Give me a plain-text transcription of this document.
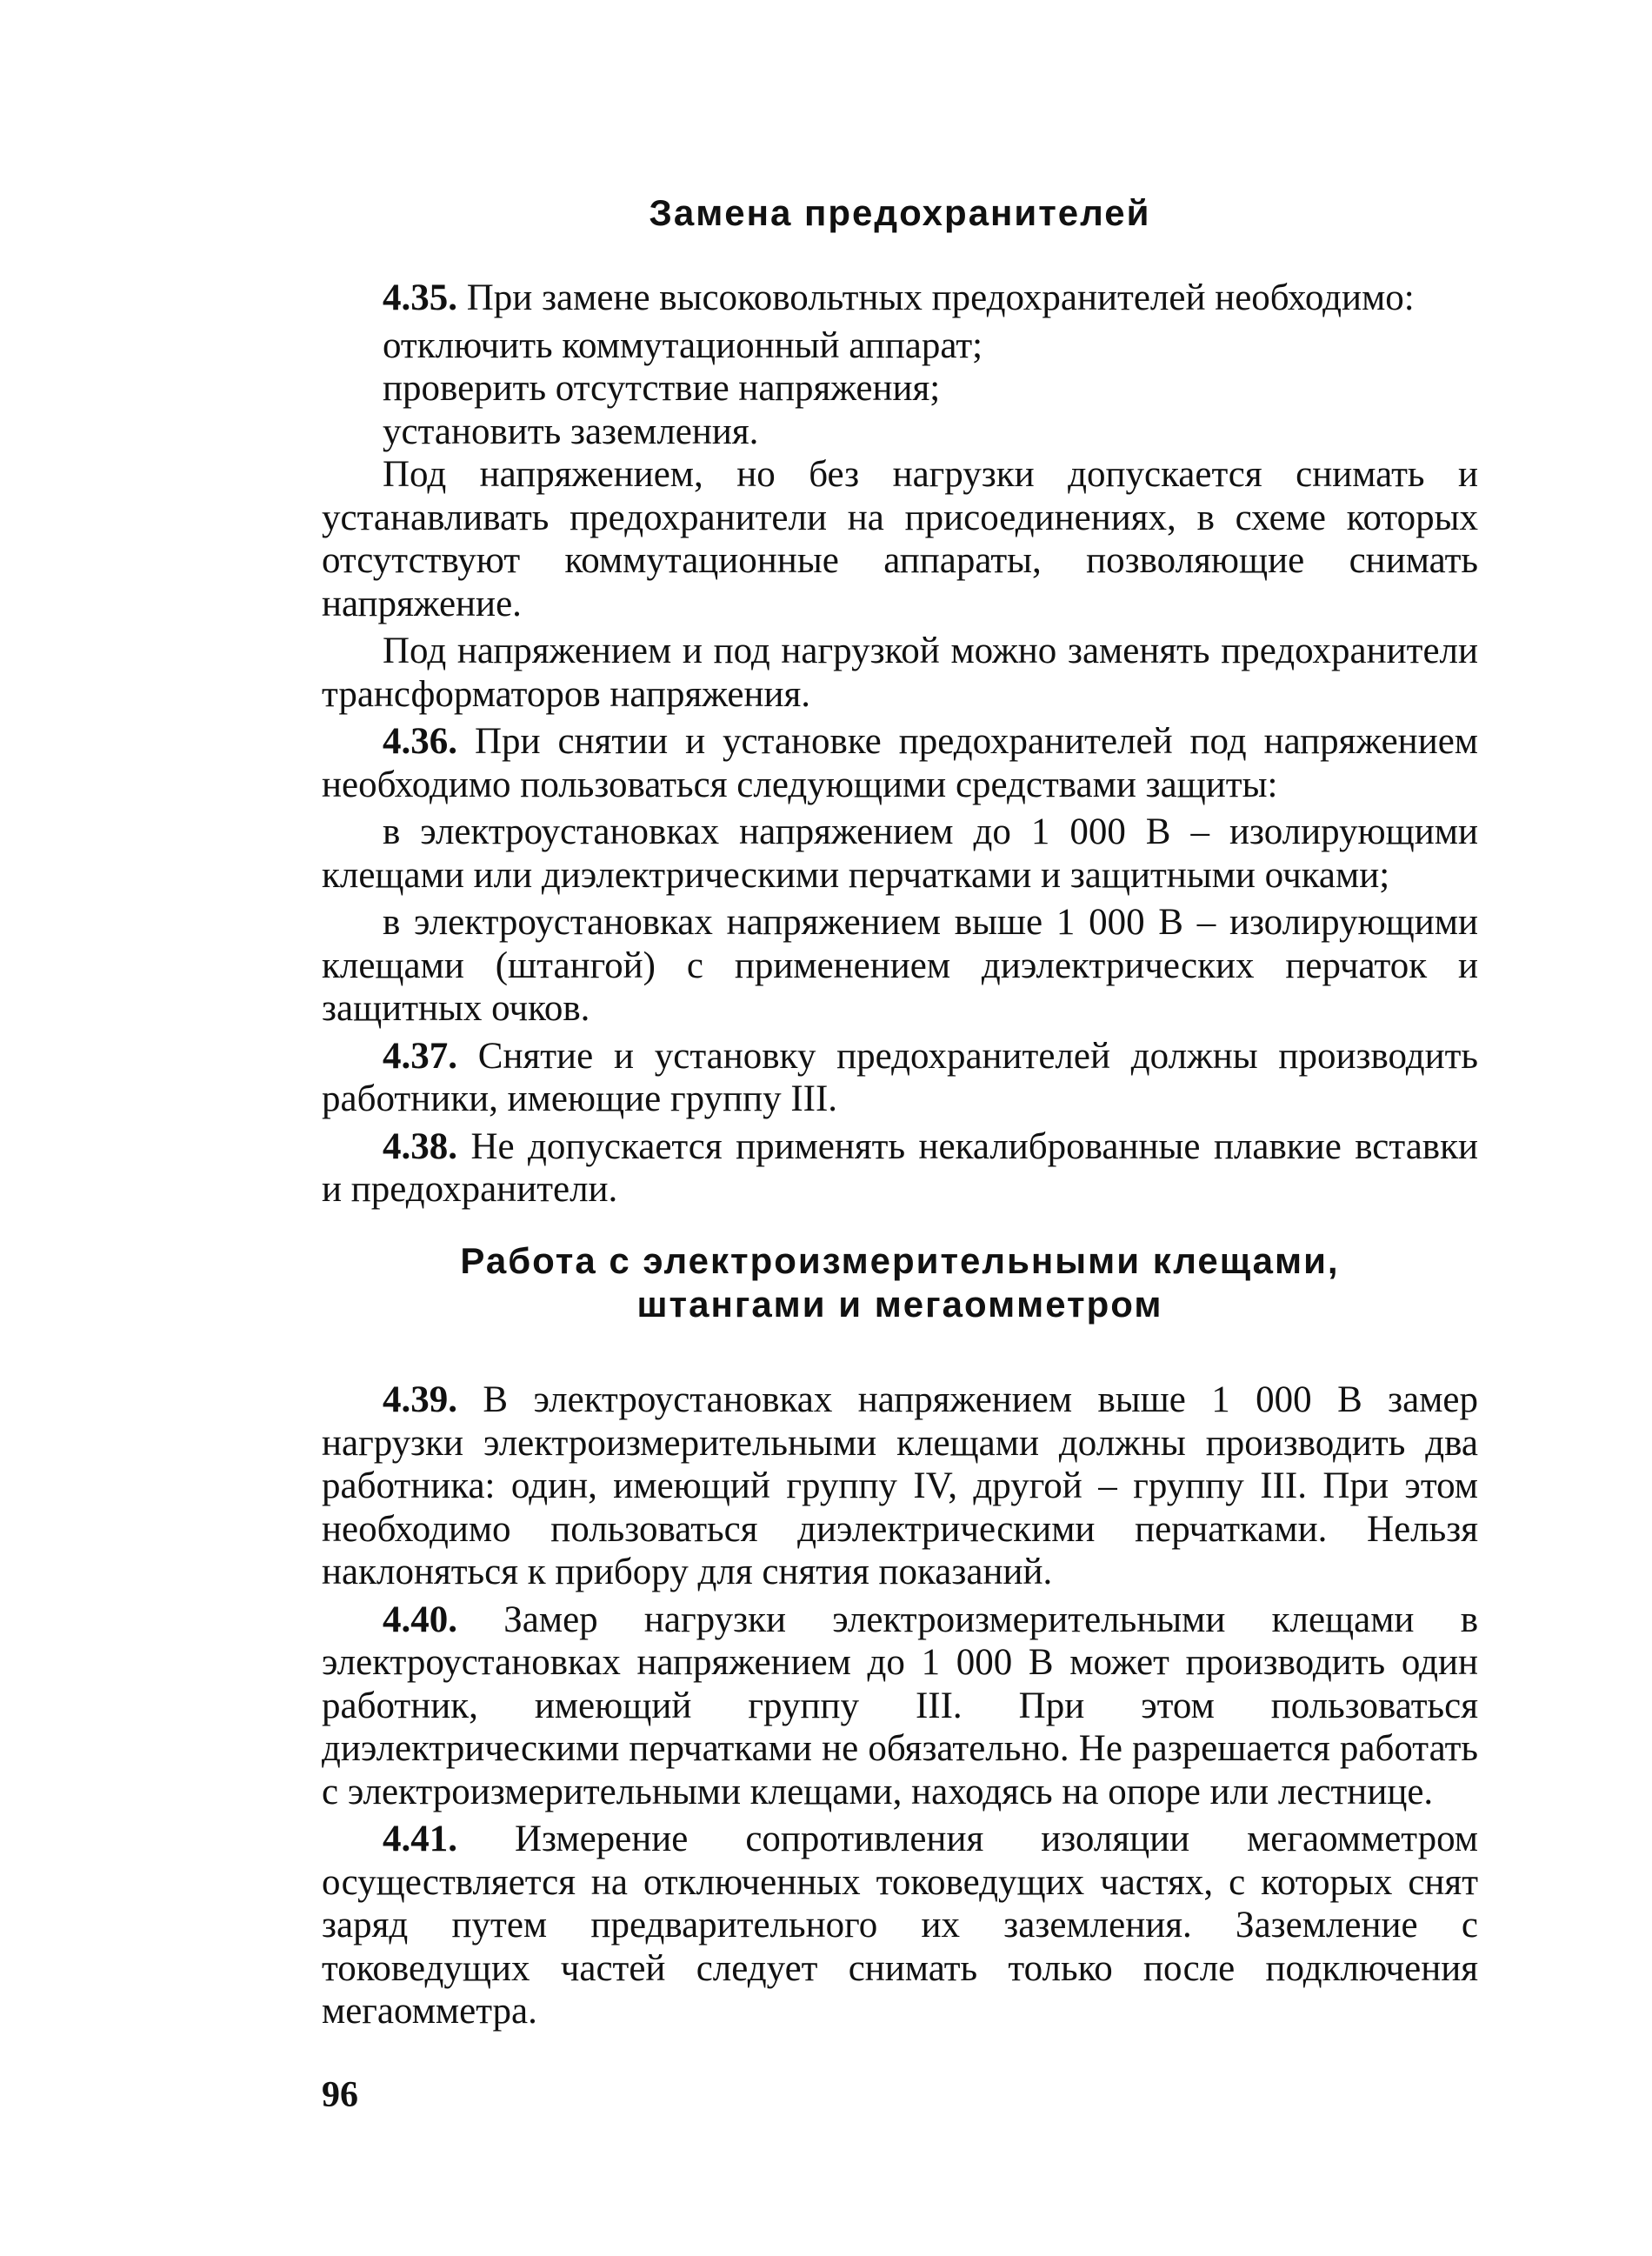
Замена предохранителей

4.35. При замене высоковольтных предохранителей необходимо:

отключить коммутационный аппарат;

проверить отсутствие напряжения;

установить заземления.

Под напряжением, но без нагрузки допускается снимать и устанавливать предохранители на присоединениях, в схеме которых отсутствуют коммутационные аппараты, позволяющие снимать напряжение.

Под напряжением и под нагрузкой можно заменять предохранители трансформаторов напряжения.

4.36. При снятии и установке предохранителей под напряжением необходимо пользоваться следующими средствами защиты:

в электроустановках напряжением до 1 000 В – изолирующими клещами или диэлектрическими перчатками и защитными очками;

в электроустановках напряжением выше 1 000 В – изолирующими клещами (штангой) с применением диэлектрических перчаток и защитных очков.

4.37. Снятие и установку предохранителей должны производить работники, имеющие группу III.

4.38. Не допускается применять некалиброванные плавкие вставки и предохранители.

Работа с электроизмерительными клещами,
штангами и мегаомметром

4.39. В электроустановках напряжением выше 1 000 В замер нагрузки электроизмерительными клещами должны производить два работника: один, имеющий группу IV, другой – группу III. При этом необходимо пользоваться диэлектрическими перчатками. Нельзя наклоняться к прибору для снятия показаний.

4.40. Замер нагрузки электроизмерительными клещами в электроустановках напряжением до 1 000 В может производить один работник, имеющий группу III. При этом пользоваться диэлектрическими перчатками не обязательно. Не разрешается работать с электроизмерительными клещами, находясь на опоре или лестнице.

4.41. Измерение сопротивления изоляции мегаомметром осуществляется на отключенных токоведущих частях, с которых снят заряд путем предварительного их заземления. Заземление с токоведущих частей следует снимать только после подключения мегаомметра.

96
